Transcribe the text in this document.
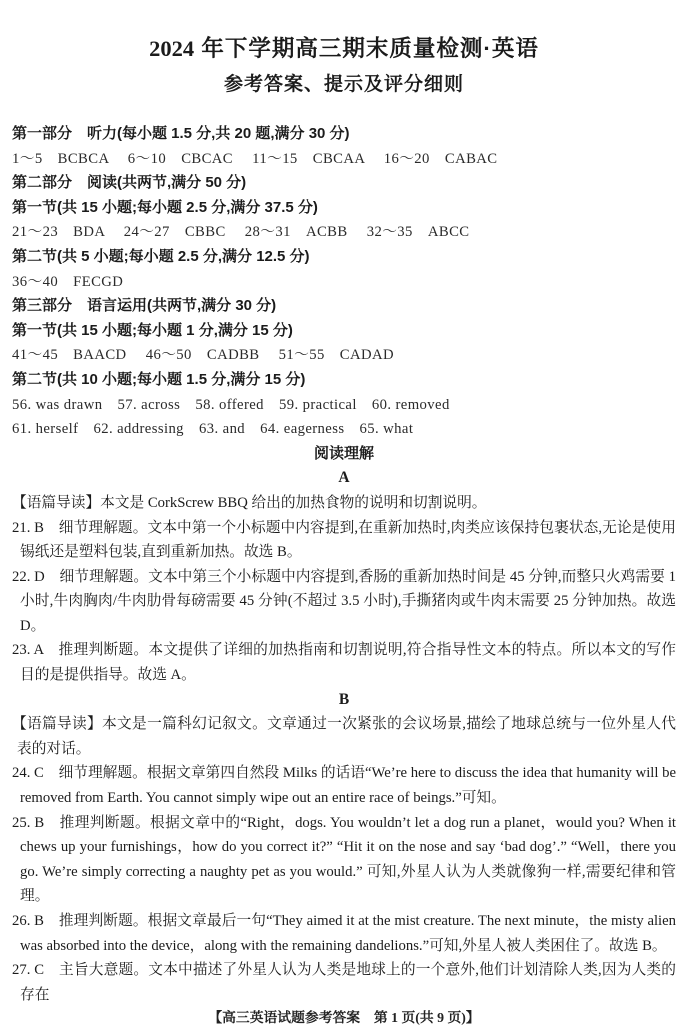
2024 年下学期高三期末质量检测·英语
参考答案、提示及评分细则
第一部分　听力(每小题 1.5 分,共 20 题,满分 30 分)
1～5　BCBCA　 6～10　CBCAC　 11～15　CBCAA　 16～20　CABAC
第二部分　阅读(共两节,满分 50 分)
第一节(共 15 小题;每小题 2.5 分,满分 37.5 分)
21～23　BDA　 24～27　CBBC　 28～31　ACBB　 32～35　ABCC
第二节(共 5 小题;每小题 2.5 分,满分 12.5 分)
36～40　FECGD
第三部分　语言运用(共两节,满分 30 分)
第一节(共 15 小题;每小题 1 分,满分 15 分)
41～45　BAACD　 46～50　CADBB　 51～55　CADAD
第二节(共 10 小题;每小题 1.5 分,满分 15 分)
56. was drawn　57. across　58. offered　59. practical　60. removed
61. herself　62. addressing　63. and　64. eagerness　65. what
阅读理解
A
【语篇导读】本文是 CorkScrew BBQ 给出的加热食物的说明和切割说明。
21. B　细节理解题。文本中第一个小标题中内容提到,在重新加热时,肉类应该保持包裹状态,无论是使用锡纸还是塑料包装,直到重新加热。故选 B。
22. D　细节理解题。文本中第三个小标题中内容提到,香肠的重新加热时间是 45 分钟,而整只火鸡需要 1 小时,牛肉胸肉/牛肉肋骨每磅需要 45 分钟(不超过 3.5 小时),手撕猪肉或牛肉末需要 25 分钟加热。故选 D。
23. A　推理判断题。本文提供了详细的加热指南和切割说明,符合指导性文本的特点。所以本文的写作目的是提供指导。故选 A。
B
【语篇导读】本文是一篇科幻记叙文。文章通过一次紧张的会议场景,描绘了地球总统与一位外星人代表的对话。
24. C　细节理解题。根据文章第四自然段 Milks 的话语“We’re here to discuss the idea that humanity will be removed from Earth. You cannot simply wipe out an entire race of beings.”可知。
25. B　推理判断题。根据文章中的“Right，dogs. You wouldn’t let a dog run a planet，would you? When it chews up your furnishings，how do you correct it?” “Hit it on the nose and say ‘bad dog’.” “Well，there you go. We’re simply correcting a naughty pet as you would.” 可知,外星人认为人类就像狗一样,需要纪律和管理。
26. B　推理判断题。根据文章最后一句“They aimed it at the mist creature. The next minute，the misty alien was absorbed into the device，along with the remaining dandelions.”可知,外星人被人类困住了。故选 B。
27. C　主旨大意题。文本中描述了外星人认为人类是地球上的一个意外,他们计划清除人类,因为人类的存在
【高三英语试题参考答案　第 1 页(共 9 页)】
